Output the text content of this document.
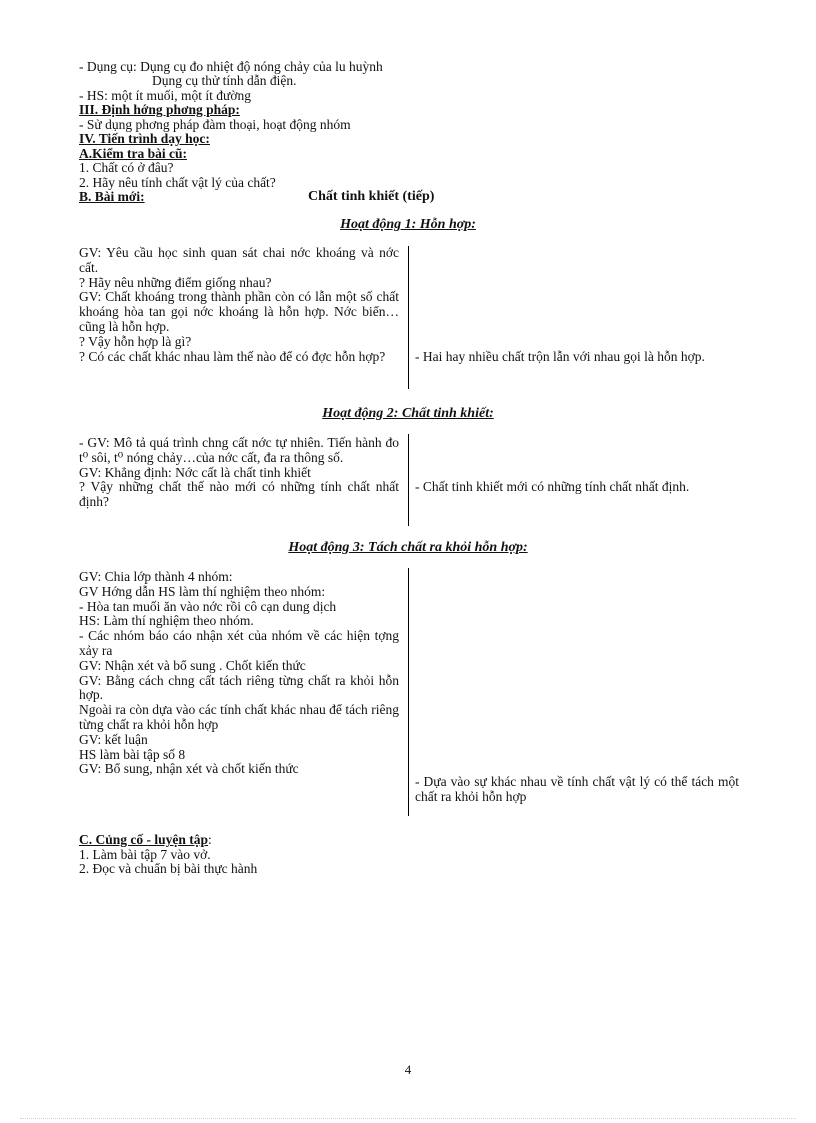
- Dụng cụ: Dụng cụ đo nhiệt độ nóng chảy của lu huỳnh
Dụng cụ thử tính dẫn điện.
- HS: một ít muối, một ít đường
III. Định hớng phơng pháp:
- Sử dụng phơng pháp đàm thoại, hoạt động nhóm
IV. Tiến trình dạy học:
A.Kiểm tra bài cũ:
1. Chất có ở đâu?
2. Hãy nêu tính chất vật lý của chất?
B. Bài mới:	Chất tinh khiết (tiếp)
Hoạt động 1: Hỗn hợp:
GV: Yêu cầu học sinh quan sát chai nớc khoáng và nớc cất.
? Hãy nêu những điểm giống nhau?
GV: Chất khoáng trong thành phần còn có lẫn một số chất khoáng hòa tan gọi nớc khoáng là hỗn hợp. Nớc biển… cũng là hỗn hợp.
? Vậy hỗn hợp là gì?
? Có các chất khác nhau làm thế nào để có đợc hỗn hợp?	- Hai hay nhiều chất trộn lẫn với nhau gọi là hỗn hợp.
Hoạt động 2: Chất tinh khiết:
- GV: Mô tả quá trình chng cất nớc tự nhiên. Tiến hành đo t⁰ sôi, t⁰ nóng chảy…của nớc cất, đa ra thông số.
GV: Khẳng định: Nớc cất là chất tinh khiết
? Vậy những chất thế nào mới có những tính chất nhất định?
- Chất tinh khiết mới có những tính chất nhất định.
Hoạt động 3: Tách chất ra khỏi hỗn hợp:
GV: Chia lớp thành 4 nhóm:
GV Hớng dẫn HS làm thí nghiệm theo nhóm:
- Hòa tan muối ăn vào nớc rồi cô cạn dung dịch
HS: Làm thí nghiệm theo nhóm.
- Các nhóm báo cáo nhận xét của nhóm về các hiện tợng xảy ra
GV: Nhận xét và bổ sung . Chốt kiến thức
GV: Bằng cách chng cất tách riêng từng chất ra khỏi hỗn hợp.
Ngoài ra còn dựa vào các tính chất khác nhau để tách riêng từng chất ra khỏi hỗn hợp
GV: kết luận
HS làm bài tập số 8
GV: Bổ sung, nhận xét và chốt kiến thức
- Dựa vào sự khác nhau về tính chất vật lý có thể tách một chất ra khỏi hỗn hợp
C. Củng cố - luyện tập:
1. Làm bài tập 7 vào vở.
2. Đọc và chuẩn bị bài thực hành
4
